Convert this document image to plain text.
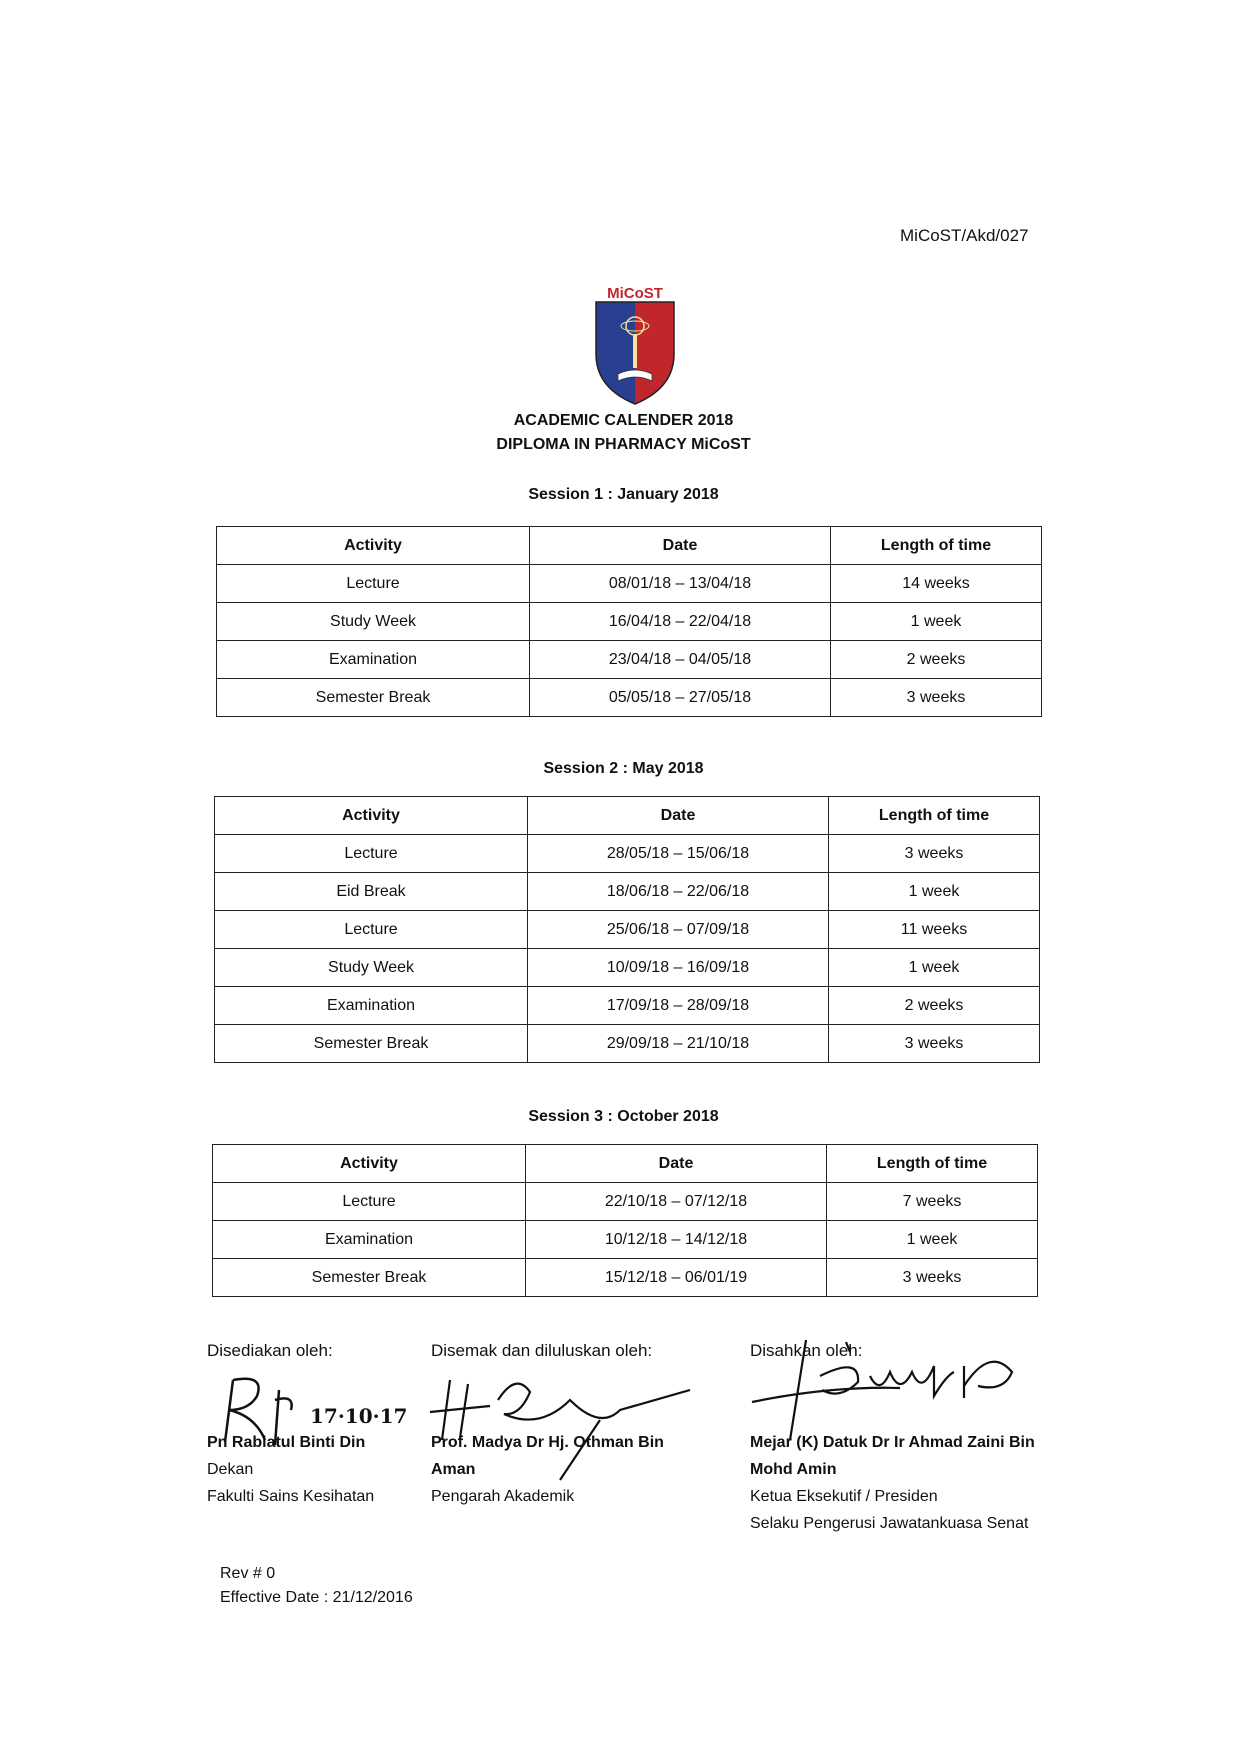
MiCoST/Akd/027
MiCoST
ACADEMIC CALENDER 2018
DIPLOMA IN PHARMACY MiCoST
Session 1 : January 2018
Activity	Date	Length of time
Lecture	08/01/18 – 13/04/18	14 weeks
Study Week	16/04/18 – 22/04/18	1 week
Examination	23/04/18 – 04/05/18	2 weeks
Semester Break	05/05/18 – 27/05/18	3 weeks
Session 2 : May 2018
Activity	Date	Length of time
Lecture	28/05/18 – 15/06/18	3 weeks
Eid Break	18/06/18 – 22/06/18	1 week
Lecture	25/06/18 – 07/09/18	11 weeks
Study Week	10/09/18 – 16/09/18	1 week
Examination	17/09/18 – 28/09/18	2 weeks
Semester Break	29/09/18 – 21/10/18	3 weeks
Session 3 : October 2018
Activity	Date	Length of time
Lecture	22/10/18 – 07/12/18	7 weeks
Examination	10/12/18 – 14/12/18	1 week
Semester Break	15/12/18 – 06/01/19	3 weeks
Disediakan oleh:
17·10·17
Pn Rabiatul Binti Din
Dekan
Fakulti Sains Kesihatan
Disemak dan diluluskan oleh:
Prof. Madya Dr Hj. Othman Bin
Aman
Pengarah Akademik
Disahkan oleh:
Mejar (K) Datuk Dr Ir Ahmad Zaini Bin
Mohd Amin
Ketua Eksekutif / Presiden
Selaku Pengerusi Jawatankuasa Senat
Rev # 0
Effective Date : 21/12/2016
